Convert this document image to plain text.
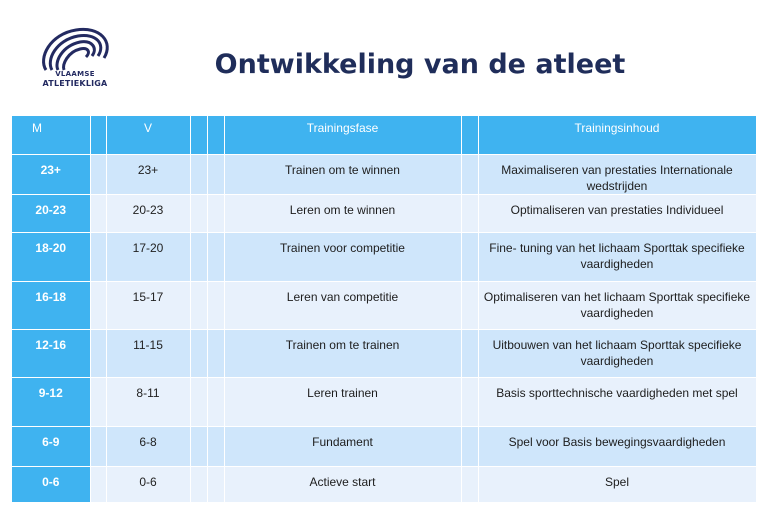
VLAAMSE
ATLETIEKLIGA
Ontwikkeling van de atleet
M		V			Trainingsfase		Trainingsinhoud
23+		23+			Trainen om te winnen		Maximaliseren van prestaties Internationale wedstrijden
20-23		20-23			Leren om te winnen		Optimaliseren van prestaties Individueel
18-20		17-20			Trainen voor competitie		Fine- tuning van het lichaam Sporttak specifieke vaardigheden
16-18		15-17			Leren van competitie		Optimaliseren van het lichaam Sporttak specifieke vaardigheden
12-16		11-15			Trainen om te trainen		Uitbouwen van het lichaam Sporttak specifieke vaardigheden
9-12		8-11			Leren trainen		Basis sporttechnische vaardigheden met spel
6-9		6-8			Fundament		Spel voor Basis bewegingsvaardigheden
0-6		0-6			Actieve start		Spel
